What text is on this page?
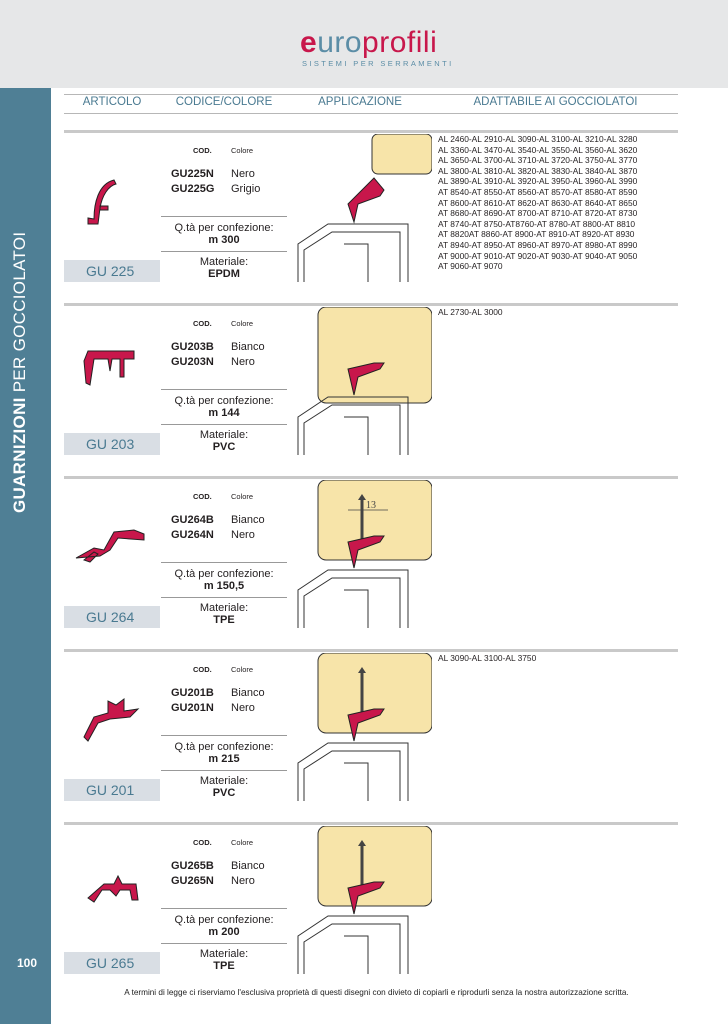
europrofili
SISTEMI PER SERRAMENTI
GUARNIZIONI PER GOCCIOLATOI
100
ARTICOLO	CODICE/COLORE	APPLICAZIONE	ADATTABILE AI GOCCIOLATOI
GU 225
COD.	Colore
GU225N Nero
GU225G Grigio
Q.tà per confezione:
m 300
Materiale:
EPDM
AL 2460-AL 2910-AL 3090-AL 3100-AL 3210-AL 3280
AL 3360-AL 3470-AL 3540-AL 3550-AL 3560-AL 3620
AL 3650-AL 3700-AL 3710-AL 3720-AL 3750-AL 3770
AL 3800-AL 3810-AL 3820-AL 3830-AL 3840-AL 3870
AL 3890-AL 3910-AL 3920-AL 3950-AL 3960-AL 3990
AT 8540-AT 8550-AT 8560-AT 8570-AT 8580-AT 8590
AT 8600-AT 8610-AT 8620-AT 8630-AT 8640-AT 8650
AT 8680-AT 8690-AT 8700-AT 8710-AT 8720-AT 8730
AT 8740-AT 8750-AT8760-AT 8780-AT 8800-AT 8810
AT 8820AT 8860-AT 8900-AT 8910-AT 8920-AT 8930
AT 8940-AT 8950-AT 8960-AT 8970-AT 8980-AT 8990
AT 9000-AT 9010-AT 9020-AT 9030-AT 9040-AT 9050
AT 9060-AT 9070
GU 203
COD.	Colore
GU203B Bianco
GU203N Nero
Q.tà per confezione:
m 144
Materiale:
PVC
AL 2730-AL 3000
GU 264
COD.	Colore
GU264B Bianco
GU264N Nero
Q.tà per confezione:
m 150,5
Materiale:
TPE
13
GU 201
COD.	Colore
GU201B Bianco
GU201N Nero
Q.tà per confezione:
m 215
Materiale:
PVC
AL 3090-AL 3100-AL 3750
GU 265
COD.	Colore
GU265B Bianco
GU265N Nero
Q.tà per confezione:
m 200
Materiale:
TPE
A termini di legge ci riserviamo l'esclusiva proprietà di questi disegni con divieto di copiarli e riprodurli senza la nostra autorizzazione scritta.
